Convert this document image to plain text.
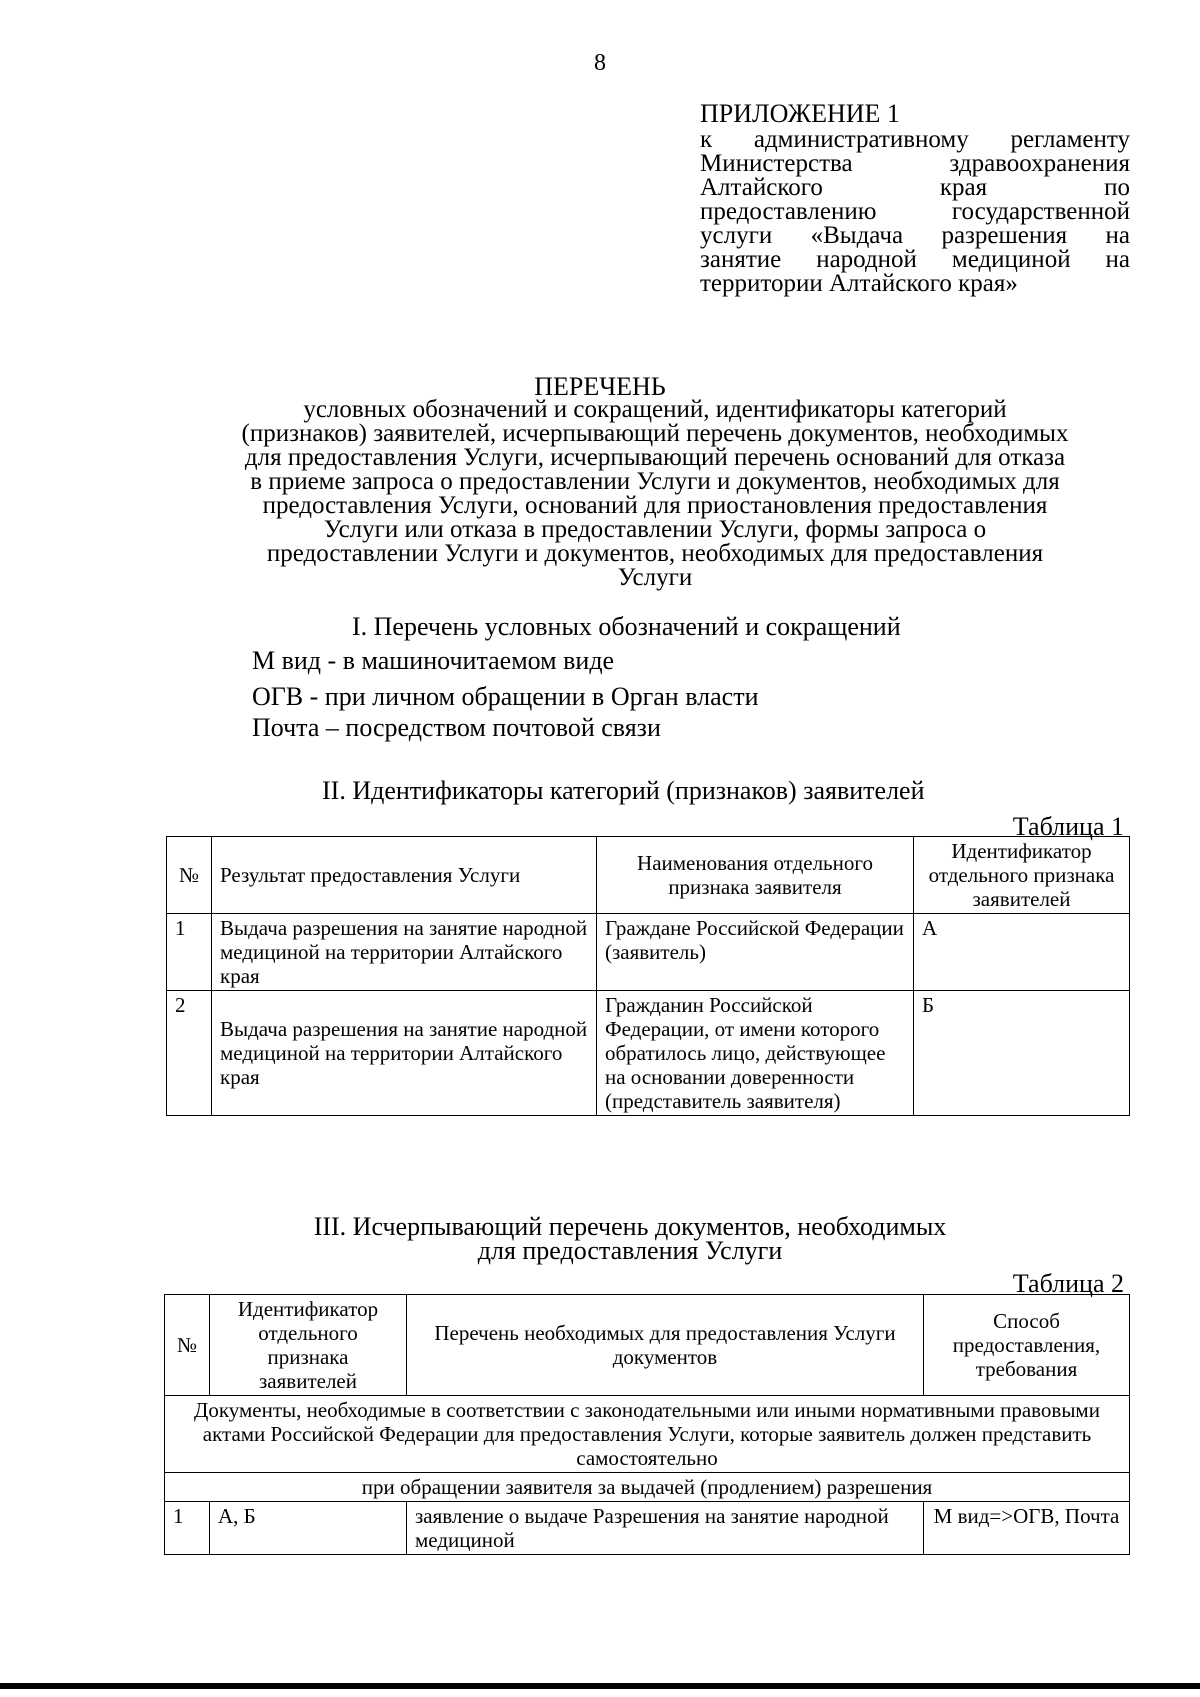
8
ПРИЛОЖЕНИЕ 1
к административному регламенту
Министерства здравоохранения
Алтайского края по
предоставлению государственной
услуги «Выдача разрешения на
занятие народной медициной на
территории Алтайского края»
ПЕРЕЧЕНЬ
условных обозначений и сокращений, идентификаторы категорий
(признаков) заявителей, исчерпывающий перечень документов, необходимых
для предоставления Услуги, исчерпывающий перечень оснований для отказа
в приеме запроса о предоставлении Услуги и документов, необходимых для
предоставления Услуги, оснований для приостановления предоставления
Услуги или отказа в предоставлении Услуги, формы запроса о
предоставлении Услуги и документов, необходимых для предоставления
Услуги
I. Перечень условных обозначений и сокращений
М вид - в машиночитаемом виде
ОГВ - при личном обращении в Орган власти
Почта – посредством почтовой связи
II. Идентификаторы категорий (признаков) заявителей
Таблица 1
№	Результат предоставления Услуги	Наименования отдельного признака заявителя	Идентификатор отдельного признака заявителей
1	Выдача разрешения на занятие народной медициной на территории Алтайского края	Граждане Российской Федерации (заявитель)	А
2	Выдача разрешения на занятие народной медициной на территории Алтайского края	Гражданин Российской Федерации, от имени которого обратилось лицо, действующее на основании доверенности (представитель заявителя)	Б
III. Исчерпывающий перечень документов, необходимых
для предоставления Услуги
Таблица 2
№	Идентификатор отдельного признака заявителей	Перечень необходимых для предоставления Услуги документов	Способ предоставления, требования
Документы, необходимые в соответствии с законодательными или иными нормативными правовыми актами Российской Федерации для предоставления Услуги, которые заявитель должен представить самостоятельно			
при обращении заявителя за выдачей (продлением) разрешения			
1	А, Б	заявление о выдаче Разрешения на занятие народной медициной	М вид=>ОГВ, Почта
